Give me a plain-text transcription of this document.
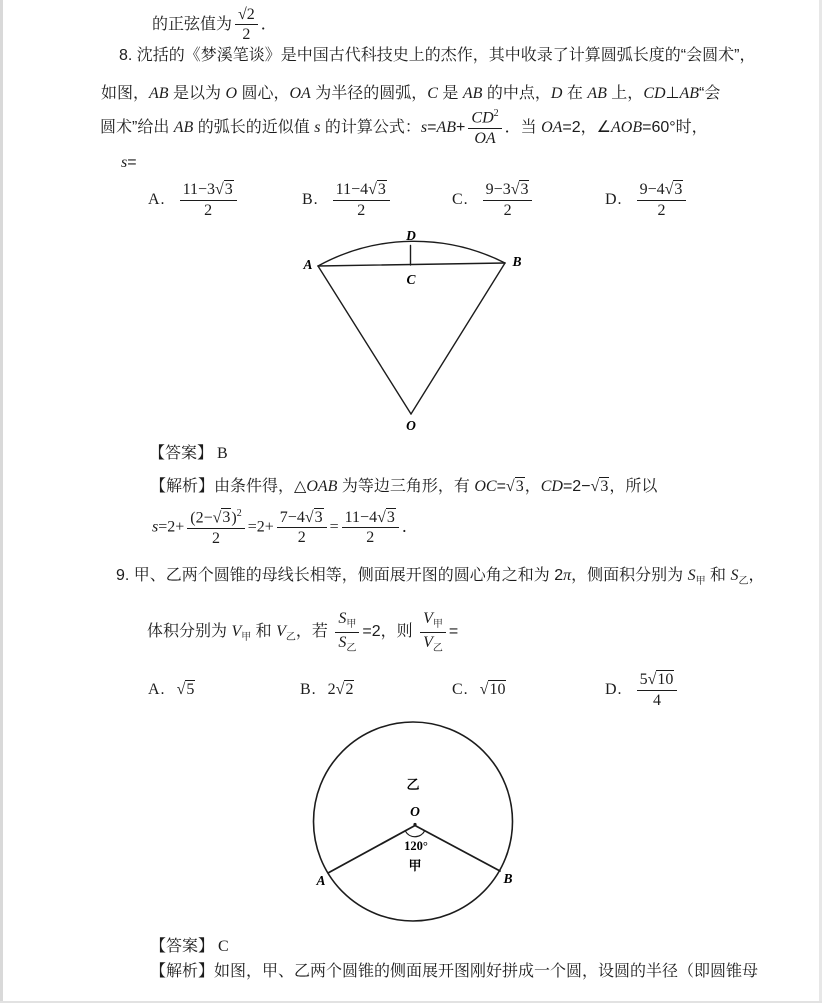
的正弦值为 $\frac{√2}{2}$ ．
8. 沈括的《梦溪笔谈》是中国古代科技史上的杰作，其中收录了计算圆弧长度的“会圆术”，
如图，AB 是以为 O 圆心，OA 为半径的圆弧，C 是 AB 的中点，D 在 AB 上，CD⊥AB“会
圆术”给出 AB 的弧长的近似值 s 的计算公式：$s=AB+ \frac{CD^2}{OA}$ ．当 OA=2，∠AOB=60°时，
s=
A. $\frac{11-3√3}{2}$	B. $\frac{11-4√3}{2}$	C. $\frac{9-3√3}{2}$	D. $\frac{9-4√3}{2}$
D
A	B
C
O
【答案】 B
【解析】由条件得，△OAB 为等边三角形，有 OC=√3，CD=2−√3，所以
$s=2+ \frac{(2-√3)^2}{2} =2+ \frac{7-4√3}{2} = \frac{11-4√3}{2}$ ．
9. 甲、乙两个圆锥的母线长相等，侧面展开图的圆心角之和为 2π，侧面积分别为 $S_甲$ 和 $S_乙$，
体积分别为 $V_甲$ 和 $V_乙$，若
$S_甲$
$S_乙$
=2，则
$V_甲$
$V_乙$
=
A. √5	B. 2√2	C. √10	D. $\frac{5√10}{4}$
O
120°
甲
乙
A	B
【答案】 C
【解析】如图，甲、乙两个圆锥的侧面展开图刚好拼成一个圆，设圆的半径（即圆锥母
